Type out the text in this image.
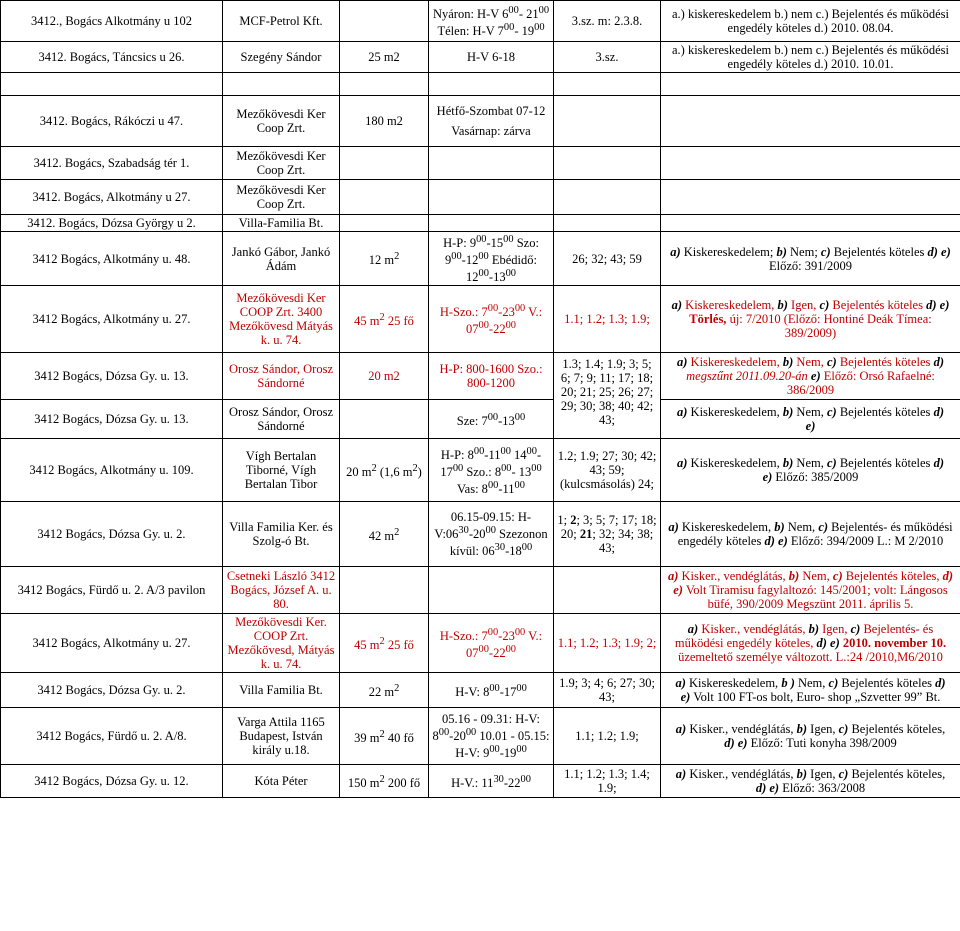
3412., Bogács Alkotmány u 102	MCF-Petrol Kft.		Nyáron: H-V $6^{00}-$ $21^{00}$ Télen: H-V $7^{00}-$ $19^{00}$	3.sz. m: 2.3.8.	a.) kiskereskedelem b.) nem c.) Bejelentés és működési engedély köteles d.) 2010. 08.04.
3412. Bogács, Táncsics u 26.	Szegény Sándor	25 m2	H-V 6-18	3.sz.	a.) kiskereskedelem b.) nem c.) Bejelentés és működési engedély köteles d.) 2010. 10.01.

3412. Bogács, Rákóczi u 47.	Mezőkövesdi Ker Coop Zrt.	180 m2	Hétfő-Szombat 07-12
Vasárnap: zárva		

3412. Bogács, Szabadság tér 1.	Mezőkövesdi Ker Coop Zrt.				
3412. Bogács, Alkotmány u 27.	Mezőkövesdi Ker Coop Zrt.				
3412. Bogács, Dózsa György u 2.	Villa-Familia Bt.				
3412 Bogács, Alkotmány u. 48.	Jankó Gábor, Jankó Ádám	12 $m^2$	H-P: $9^{00}-15^{00}$ Szo: $9^{00}-12^{00}$ Ebédidő: $12^{00}-13^{00}$	26; 32; 43; 59	a) Kiskereskedelem; b) Nem; c) Bejelentés köteles d) e) Előző: 391/2009
3412 Bogács, Alkotmány u. 27.	Mezőkövesdi Ker COOP Zrt. 3400 Mezőkövesd Mátyás k. u. 74.	45 $m^2$ 25 fő	H-Szo.: $7^{00}-23^{00}$ V.: $07^{00}-22^{00}$	1.1; 1.2; 1.3; 1.9;	a) Kiskereskedelem, b) Igen, c) Bejelentés köteles d) e)
Törlés, új: 7/2010 (Előző: Hontiné Deák Tímea: 389/2009)
3412 Bogács, Dózsa Gy. u. 13.	Orosz Sándor, Orosz Sándorné	20 m2	H-P: 800-1600 Szo.: 800-1200	1.3; 1.4; 1.9; 3; 5; 6; 7; 9; 11; 17; 18; 20; 21; 25; 26; 27; 29; 30; 38; 40; 42; 43;	a) Kiskereskedelem, b) Nem, c) Bejelentés köteles d) megszűnt 2011.09.20-án e) Előző: Orsó Rafaelné: 386/2009
3412 Bogács, Dózsa Gy. u. 13.	Orosz Sándor, Orosz Sándorné		Sze: $7^{00}-13^{00}$		a) Kiskereskedelem, b) Nem, c) Bejelentés köteles d)
e)
3412 Bogács, Alkotmány u. 109.	Vígh Bertalan Tiborné, Vígh Bertalan Tibor	20 $m^2$ (1,6 $m^2$)	H-P: $8^{00}-11^{00}$ $14^{00}-17^{00}$ Szo.: $8^{00}-$ $13^{00}$ Vas: $8^{00}-11^{00}$	1.2; 1.9; 27; 30; 42; 43; 59; (kulcsmásolás) 24;	a) Kiskereskedelem, b) Nem, c) Bejelentés köteles d)
e) Előző: 385/2009
3412 Bogács, Dózsa Gy. u. 2.	Villa Familia Ker. és Szolg-ó Bt.	42 $m^2$	06.15-09.15: $H-V:06^{30}-20^{00}$ Szezonon kívül: $06^{30}-18^{00}$	1; 2; 3; 5; 7; 17; 18; 20; 21; 32; 34; 38; 43;	a) Kiskereskedelem, b) Nem, c) Bejelentés- és működési engedély köteles d) e) Előző: 394/2009 L.: M 2/2010
3412 Bogács, Fürdő u. 2. A/3 pavilon	Csetneki László 3412 Bogács, József A. u. 80.				a) Kisker., vendéglátás, b) Nem, c) Bejelentés köteles, d) e) Volt Tiramisu fagylaltozó: 145/2001; volt: Lángosos büfé, 390/2009 Megszünt 2011. április 5.
3412 Bogács, Alkotmány u. 27.	Mezőkövesdi Ker. COOP Zrt. Mezőkövesd, Mátyás k. u. 74.	45 $m^2$ 25 fő	H-Szo.: $7^{00}-23^{00}$ V.: $07^{00}-22^{00}$	1.1; 1.2; 1.3; 1.9; 2;	a) Kisker., vendéglátás, b) Igen, c) Bejelentés- és működési engedély köteles, d) e) 2010. november 10. üzemeltető személye változott. L.:24 /2010,M6/2010
3412 Bogács, Dózsa Gy. u. 2.	Villa Familia Bt.	22 $m^2$	H-V: $8^{00}-17^{00}$	1.9; 3; 4; 6; 27; 30; 43;	a) Kiskereskedelem, b ) Nem, c) Bejelentés köteles d)
e) Volt 100 FT-os bolt, Euro- shop „Szvetter 99” Bt.
3412 Bogács, Fürdő u. 2. A/8.	Varga Attila 1165 Budapest, István király u.18.	39 $m^2$ 40 fő	05.16 - 09.31: H-V: $8^{00}-20^{00}$ 10.01 - 05.15: H-V: $9^{00}-19^{00}$	1.1; 1.2; 1.9;	a) Kisker., vendéglátás, b) Igen, c) Bejelentés köteles,
d) e) Előző: Tuti konyha 398/2009
3412 Bogács, Dózsa Gy. u. 12.	Kóta Péter	150 $m^2$ 200 fő	H-V.: $11^{30}-22^{00}$	1.1; 1.2; 1.3; 1.4; 1.9;	a) Kisker., vendéglátás, b) Igen, c) Bejelentés köteles,
d) e) Előző: 363/2008
